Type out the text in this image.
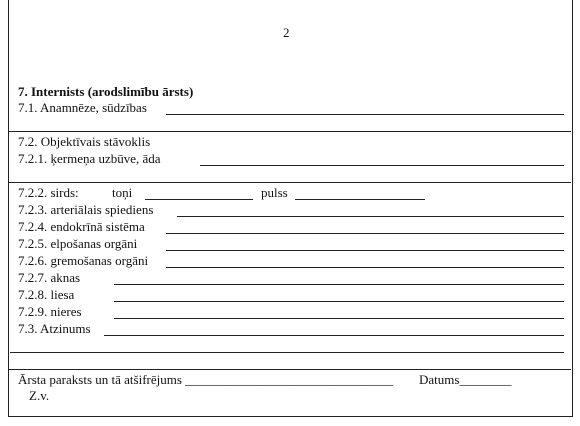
2
7. Internists (arodslimību ārsts)
7.1. Anamnēze, sūdzības
7.2. Objektīvais stāvoklis
7.2.1. ķermeņa uzbūve, āda
7.2.2. sirds:	toņi	pulss
7.2.3. arteriālais spiediens
7.2.4. endokrīnā sistēma
7.2.5. elpošanas orgāni
7.2.6. gremošanas orgāni
7.2.7. aknas
7.2.8. liesa
7.2.9. nieres
7.3. Atzinums
Ārsta paraksts un tā atšifrējums ________________________________ Datums________
Z.v.
